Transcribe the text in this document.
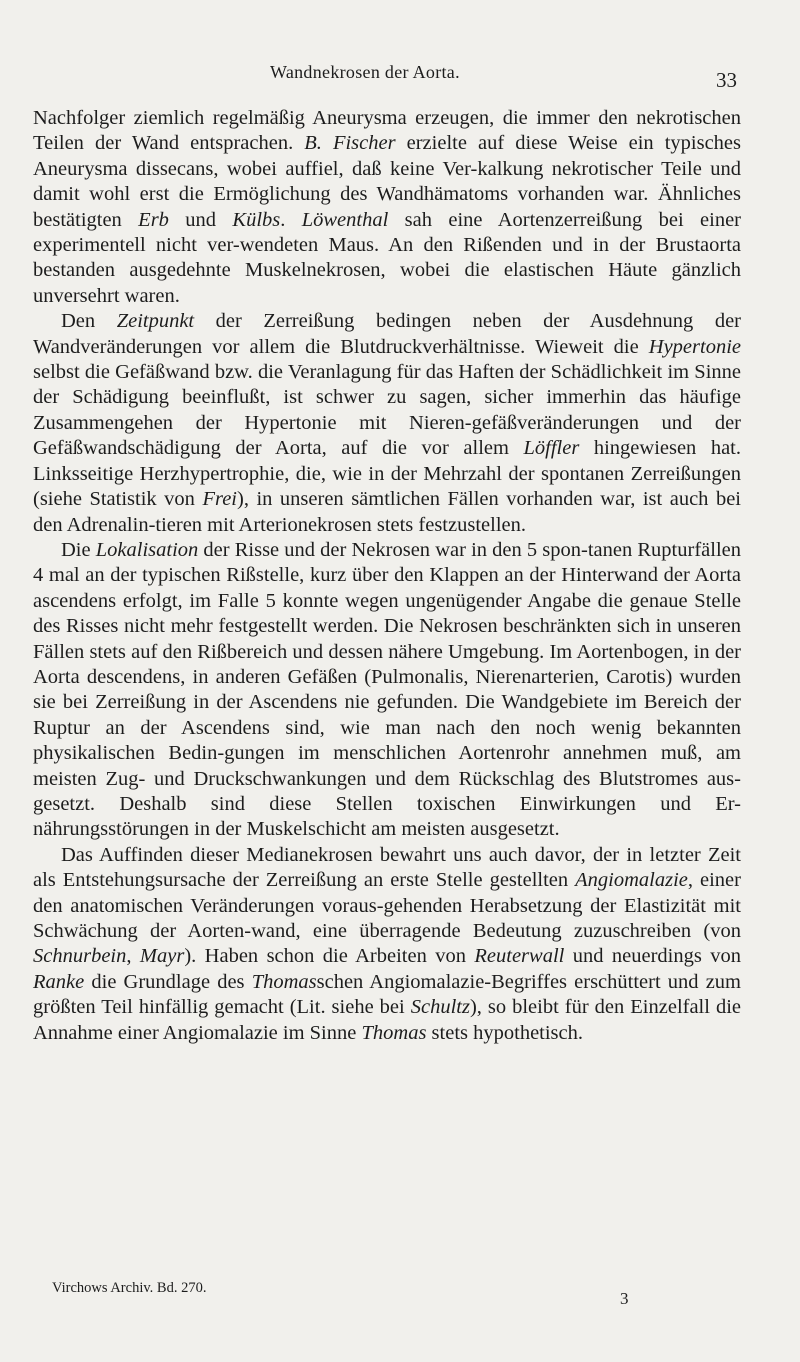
Wandnekrosen der Aorta.	33

Nachfolger ziemlich regelmäßig Aneurysma erzeugen, die immer den nekrotischen Teilen der Wand entsprachen. B. Fischer erzielte auf diese Weise ein typisches Aneurysma dissecans, wobei auffiel, daß keine Ver-kalkung nekrotischer Teile und damit wohl erst die Ermöglichung des Wandhämatoms vorhanden war. Ähnliches bestätigten Erb und Külbs. Löwenthal sah eine Aortenzerreißung bei einer experimentell nicht ver-wendeten Maus. An den Rißenden und in der Brustaorta bestanden ausgedehnte Muskelnekrosen, wobei die elastischen Häute gänzlich unversehrt waren.

Den Zeitpunkt der Zerreißung bedingen neben der Ausdehnung der Wandveränderungen vor allem die Blutdruckverhältnisse. Wieweit die Hypertonie selbst die Gefäßwand bzw. die Veranlagung für das Haften der Schädlichkeit im Sinne der Schädigung beeinflußt, ist schwer zu sagen, sicher immerhin das häufige Zusammengehen der Hypertonie mit Nieren-gefäßveränderungen und der Gefäßwandschädigung der Aorta, auf die vor allem Löffler hingewiesen hat. Linksseitige Herzhypertrophie, die, wie in der Mehrzahl der spontanen Zerreißungen (siehe Statistik von Frei), in unseren sämtlichen Fällen vorhanden war, ist auch bei den Adrenalin-tieren mit Arterionekrosen stets festzustellen.

Die Lokalisation der Risse und der Nekrosen war in den 5 spon-tanen Rupturfällen 4 mal an der typischen Rißstelle, kurz über den Klappen an der Hinterwand der Aorta ascendens erfolgt, im Falle 5 konnte wegen ungenügender Angabe die genaue Stelle des Risses nicht mehr festgestellt werden. Die Nekrosen beschränkten sich in unseren Fällen stets auf den Rißbereich und dessen nähere Umgebung. Im Aortenbogen, in der Aorta descendens, in anderen Gefäßen (Pulmonalis, Nierenarterien, Carotis) wurden sie bei Zerreißung in der Ascendens nie gefunden. Die Wandgebiete im Bereich der Ruptur an der Ascendens sind, wie man nach den noch wenig bekannten physikalischen Bedin-gungen im menschlichen Aortenrohr annehmen muß, am meisten Zug- und Druckschwankungen und dem Rückschlag des Blutstromes aus-gesetzt. Deshalb sind diese Stellen toxischen Einwirkungen und Er-nährungsstörungen in der Muskelschicht am meisten ausgesetzt.

Das Auffinden dieser Medianekrosen bewahrt uns auch davor, der in letzter Zeit als Entstehungsursache der Zerreißung an erste Stelle gestellten Angiomalazie, einer den anatomischen Veränderungen voraus-gehenden Herabsetzung der Elastizität mit Schwächung der Aorten-wand, eine überragende Bedeutung zuzuschreiben (von Schnurbein, Mayr). Haben schon die Arbeiten von Reuterwall und neuerdings von Ranke die Grundlage des Thomasschen Angiomalazie-Begriffes erschüttert und zum größten Teil hinfällig gemacht (Lit. siehe bei Schultz), so bleibt für den Einzelfall die Annahme einer Angiomalazie im Sinne Thomas stets hypothetisch.

Virchows Archiv. Bd. 270.
3
